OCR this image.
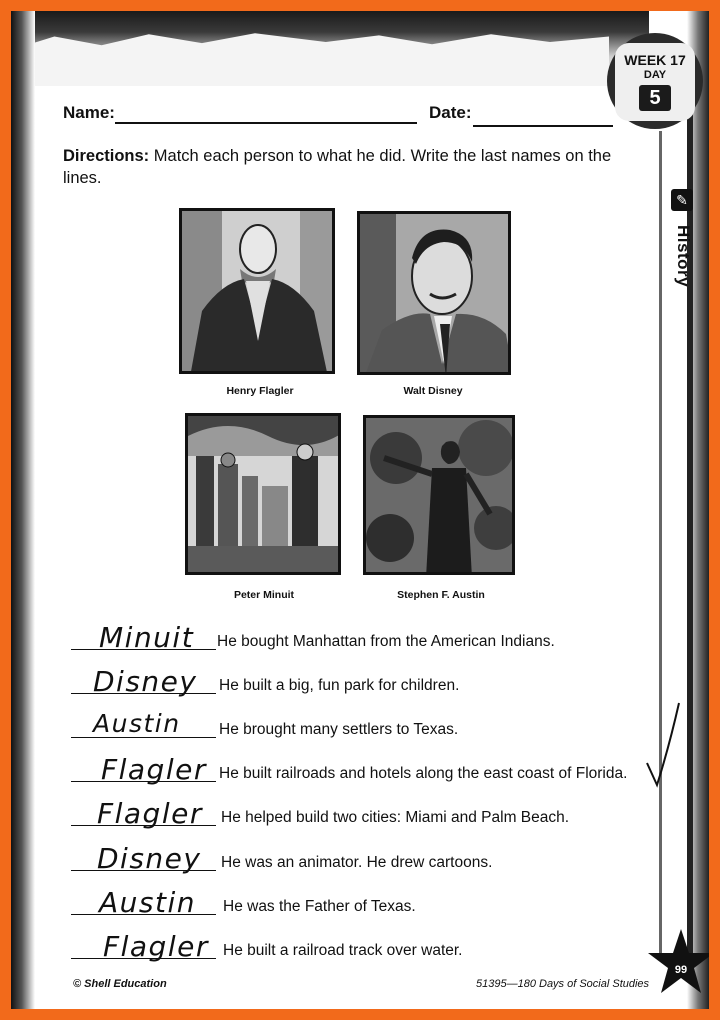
WEEK 17
DAY
5
✎
History
Name:	Date:
Directions: Match each person to what he did. Write the last names on the lines.
Henry Flagler	Walt Disney
Peter Minuit	Stephen F. Austin
Minuit He bought Manhattan from the American Indians.
Disney He built a big, fun park for children.
Austin He brought many settlers to Texas.
Flagler He built railroads and hotels along the east coast of Florida.
Flagler He helped build two cities: Miami and Palm Beach.
Disney He was an animator. He drew cartoons.
Austin He was the Father of Texas.
Flagler He built a railroad track over water.
© Shell Education	51395—180 Days of Social Studies
99
